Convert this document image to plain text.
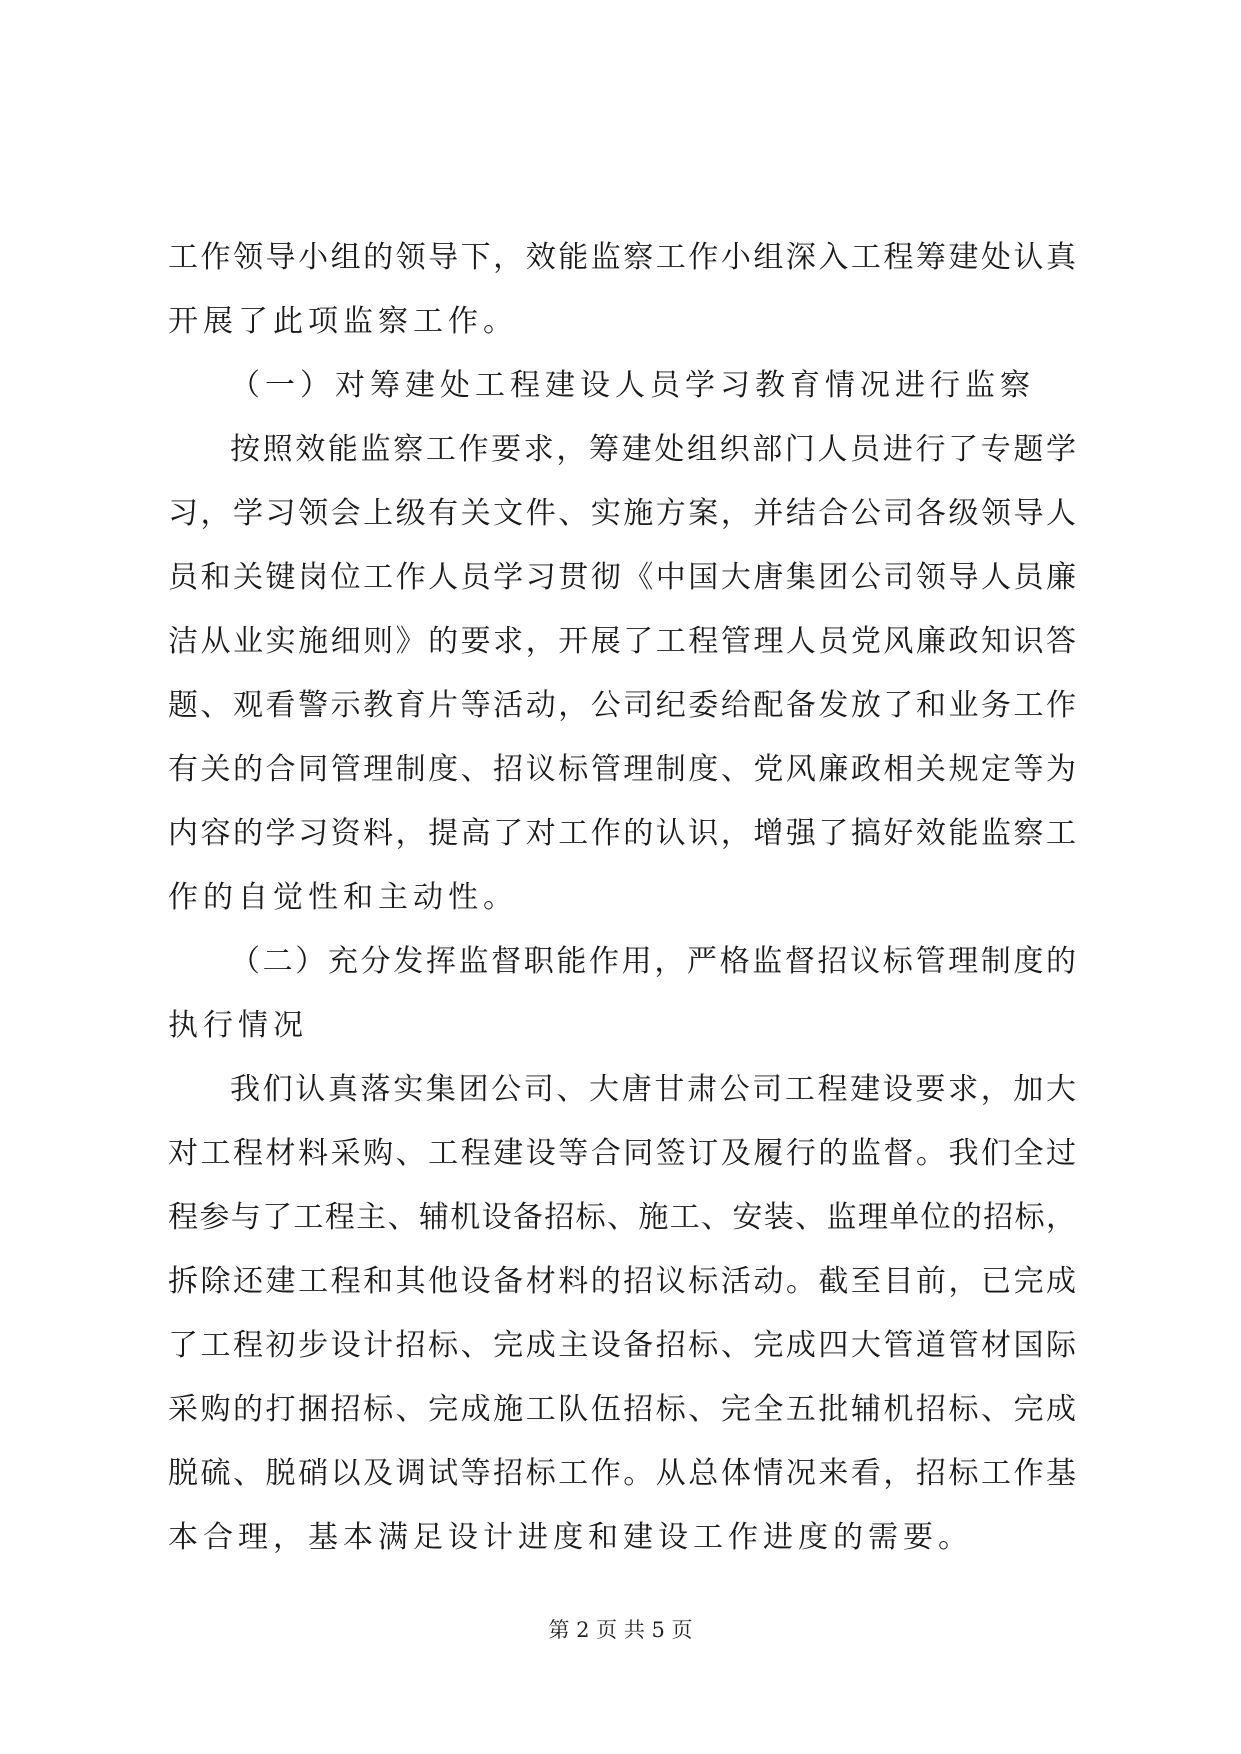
工作领导小组的领导下，效能监察工作小组深入工程筹建处认真
开展了此项监察工作。
（一）对筹建处工程建设人员学习教育情况进行监察
按照效能监察工作要求，筹建处组织部门人员进行了专题学
习，学习领会上级有关文件、实施方案，并结合公司各级领导人
员和关键岗位工作人员学习贯彻《中国大唐集团公司领导人员廉
洁从业实施细则》的要求，开展了工程管理人员党风廉政知识答
题、观看警示教育片等活动，公司纪委给配备发放了和业务工作
有关的合同管理制度、招议标管理制度、党风廉政相关规定等为
内容的学习资料，提高了对工作的认识，增强了搞好效能监察工
作的自觉性和主动性。
（二）充分发挥监督职能作用，严格监督招议标管理制度的
执行情况
我们认真落实集团公司、大唐甘肃公司工程建设要求，加大
对工程材料采购、工程建设等合同签订及履行的监督。我们全过
程参与了工程主、辅机设备招标、施工、安装、监理单位的招标，
拆除还建工程和其他设备材料的招议标活动。截至目前，已完成
了工程初步设计招标、完成主设备招标、完成四大管道管材国际
采购的打捆招标、完成施工队伍招标、完全五批辅机招标、完成
脱硫、脱硝以及调试等招标工作。从总体情况来看，招标工作基
本合理，基本满足设计进度和建设工作进度的需要。
第 2 页 共 5 页
